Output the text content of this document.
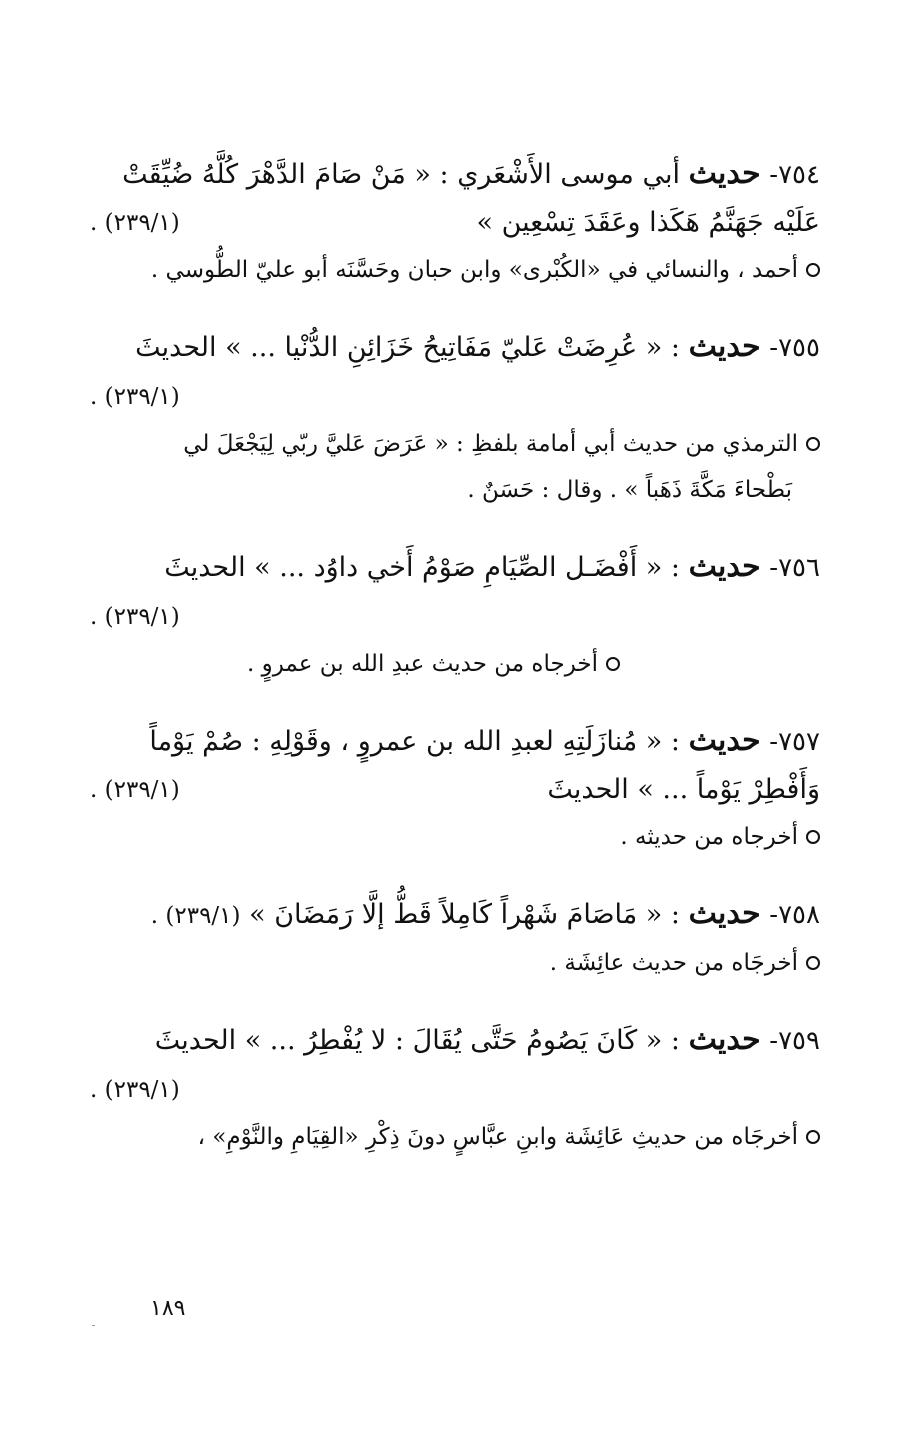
٧٥٤- حديث أبي موسى الأَشْعَري : « مَنْ صَامَ الدَّهْرَ كُلَّهُ ضُيِّقَتْ
عَلَيْه جَهَنَّمُ هَكَذا وعَقَدَ تِسْعِين »
(٢٣٩/١) .
أحمد ، والنسائي في «الكُبْرى» وابن حبان وحَسَّنَه أبو عليّ الطُّوسي .
٧٥٥- حديث : « عُرِضَتْ عَليّ مَفَاتِيحُ خَزَائِنِ الدُّنْيا ... » الحديثَ
(٢٣٩/١) .
الترمذي من حديث أبي أمامة بلفظِ : « عَرَضَ عَليَّ ربّي لِيَجْعَلَ لي
بَطْحاءَ مَكَّةَ ذَهَباً » . وقال : حَسَنٌ .
٧٥٦- حديث : « أَفْضَـل الصِّيَامِ صَوْمُ أَخي داوُد ... » الحديثَ
(٢٣٩/١) .
أخرجاه من حديث عبدِ الله بن عمروٍ .
٧٥٧- حديث : « مُنازَلَتِهِ لعبدِ الله بن عمروٍ ، وقَوْلِهِ : صُمْ يَوْماً
وَأَفْطِرْ يَوْماً ... » الحديثَ
(٢٣٩/١) .
أخرجاه من حديثه .
٧٥٨- حديث : « مَاصَامَ شَهْراً كَامِلاً قَطُّ إلَّا رَمَضَانَ » (٢٣٩/١) .
أخرجَاه من حديث عائِشَة .
٧٥٩- حديث : « كَانَ يَصُومُ حَتَّى يُقَالَ : لا يُفْطِرُ ... » الحديثَ
(٢٣٩/١) .
أخرجَاه من حديثِ عَائِشَة وابنِ عبَّاسٍ دونَ ذِكْرِ «القِيَامِ والنَّوْمِ» ،
١٨٩
